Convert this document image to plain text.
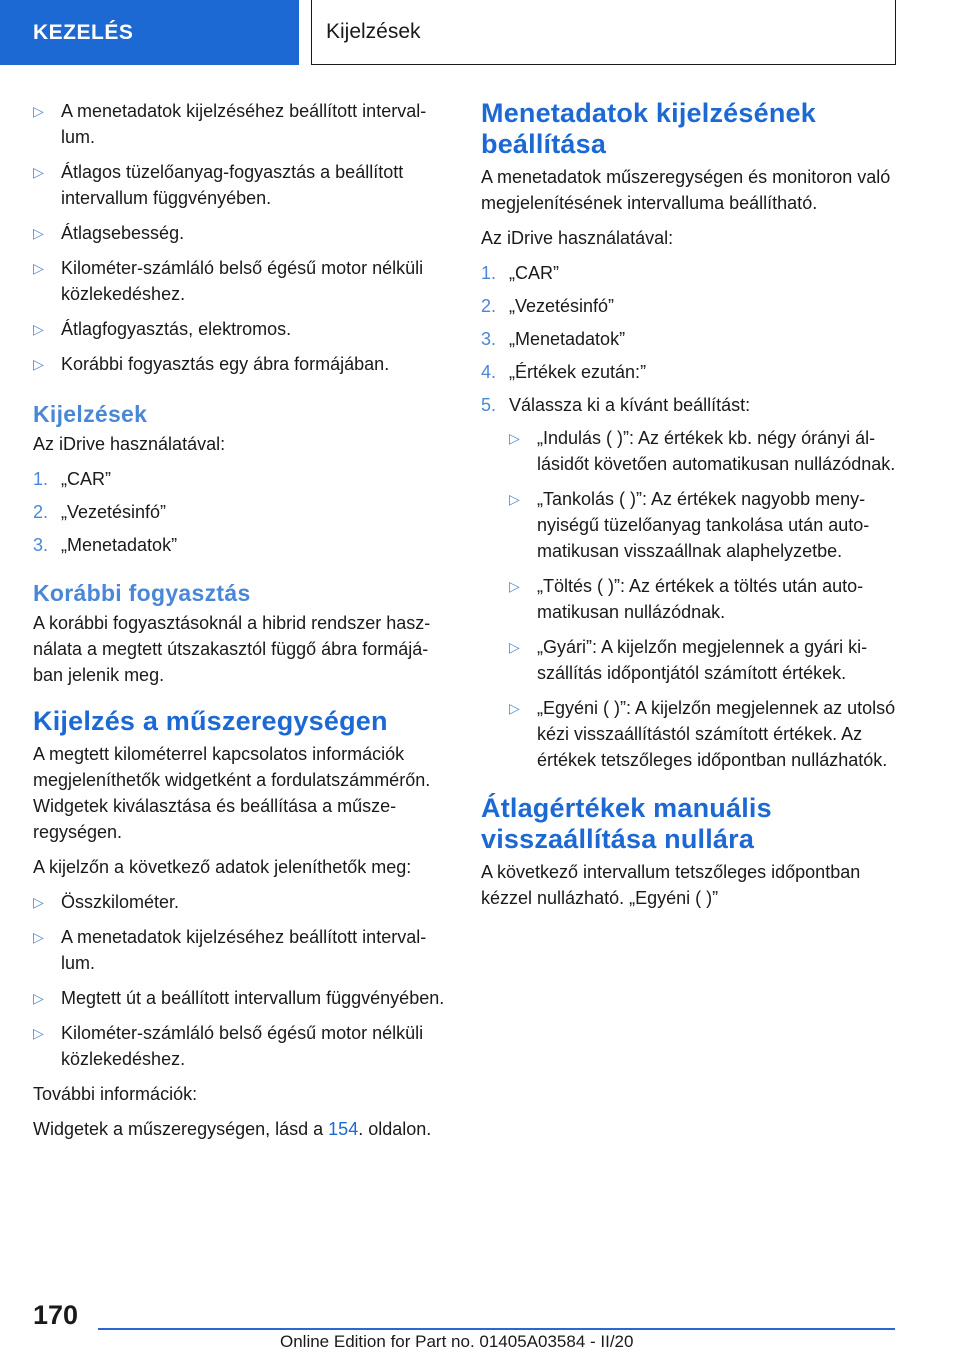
KEZELÉS	Kijelzések
▷ A menetadatok kijelzéséhez beállított intervallum.
▷ Átlagos tüzelőanyag-fogyasztás a beállított intervallum függvényében.
▷ Átlagsebesség.
▷ Kilométer-számláló belső égésű motor nélküli közlekedéshez.
▷ Átlagfogyasztás, elektromos.
▷ Korábbi fogyasztás egy ábra formájában.
Kijelzések
Az iDrive használatával:
1. „CAR”
2. „Vezetésinfó”
3. „Menetadatok”
Korábbi fogyasztás
A korábbi fogyasztásoknál a hibrid rendszer használata a megtett útszakasztól függő ábra formájában jelenik meg.
Kijelzés a műszeregységen
A megtett kilométerrel kapcsolatos információk megjeleníthetők widgetként a fordulatszámmérőn. Widgetek kiválasztása és beállítása a műszeregységen.
A kijelzőn a következő adatok jeleníthetők meg:
▷ Összkilométer.
▷ A menetadatok kijelzéséhez beállított intervallum.
▷ Megtett út a beállított intervallum függvényében.
▷ Kilométer-számláló belső égésű motor nélküli közlekedéshez.
További információk:
Widgetek a műszeregységen, lásd a 154. oldalon.
Menetadatok kijelzésének beállítása
A menetadatok műszeregységen és monitoron való megjelenítésének intervalluma beállítható.
Az iDrive használatával:
1. „CAR”
2. „Vezetésinfó”
3. „Menetadatok”
4. „Értékek ezután:”
5. Válassza ki a kívánt beállítást:
▷ „Indulás ( )”: Az értékek kb. négy órányi állásidőt követően automatikusan nullázódnak.
▷ „Tankolás ( )”: Az értékek nagyobb menynyiségű tüzelőanyag tankolása után automatikusan visszaállnak alaphelyzetbe.
▷ „Töltés ( )”: Az értékek a töltés után automatikusan nullázódnak.
▷ „Gyári”: A kijelzőn megjelennek a gyári kiszállítás időpontjától számított értékek.
▷ „Egyéni ( )”: A kijelzőn megjelennek az utolsó kézi visszaállítástól számított értékek. Az értékek tetszőleges időpontban nullázhatók.
Átlagértékek manuális visszaállítása nullára
A következő intervallum tetszőleges időpontban kézzel nullázható. „Egyéni ( )”
170
Online Edition for Part no. 01405A03584 - II/20
